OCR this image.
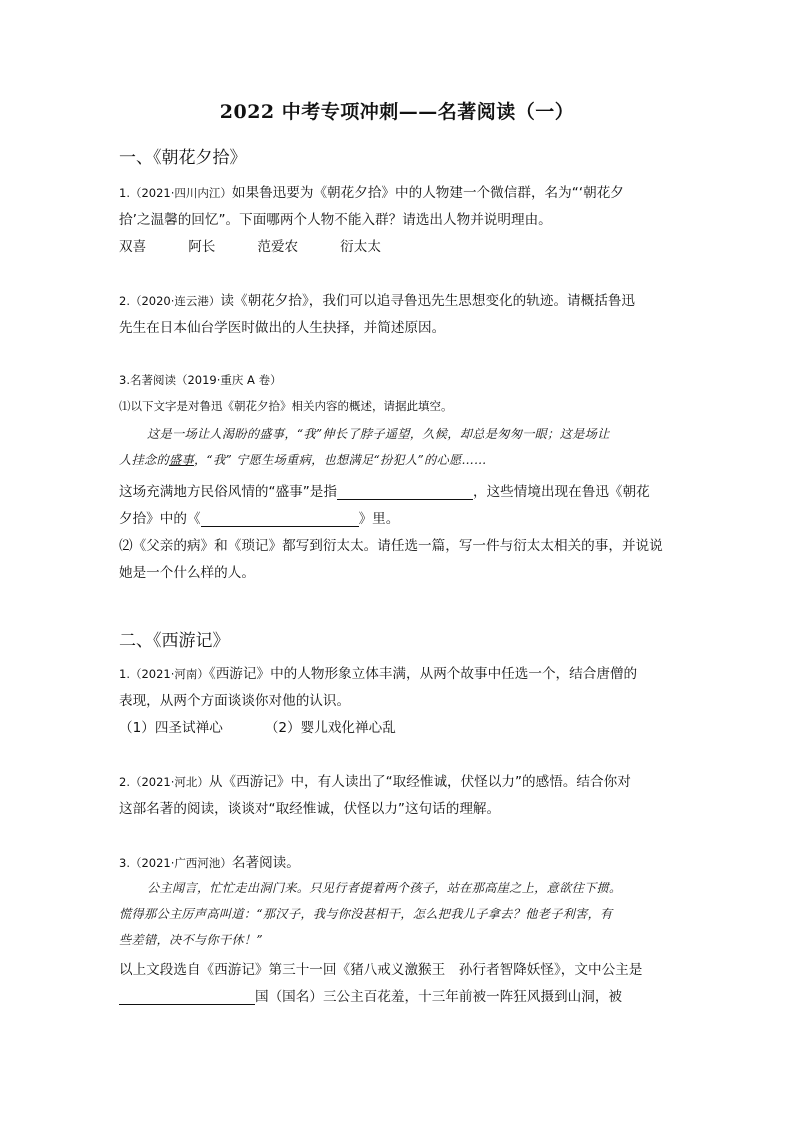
2022 中考专项冲刺——名著阅读（一）
一、《朝花夕拾》
1.（2021·四川内江）如果鲁迅要为《朝花夕拾》中的人物建一个微信群，名为“‘朝花夕
拾’之温馨的回忆”。下面哪两个人物不能入群？请选出人物并说明理由。
双喜	阿长	范爱农	衍太太
2.（2020·连云港）读《朝花夕拾》，我们可以追寻鲁迅先生思想变化的轨迹。请概括鲁迅
先生在日本仙台学医时做出的人生抉择，并简述原因。
3.名著阅读（2019·重庆 A 卷）
⑴以下文字是对鲁迅《朝花夕拾》相关内容的概述，请据此填空。
这是一场让人渴盼的盛事，“我”伸长了脖子遥望，久候，却总是匆匆一眼；这是场让
人挂念的盛事，“我” 宁愿生场重病，也想满足“扮犯人”的心愿……
这场充满地方民俗风情的“盛事”是指	，这些情境出现在鲁迅《朝花
夕拾》中的《	》里。
⑵《父亲的病》和《琐记》都写到衍太太。请任选一篇，写一件与衍太太相关的事，并说说
她是一个什么样的人。
二、《西游记》
1.（2021·河南）《西游记》中的人物形象立体丰满，从两个故事中任选一个，结合唐僧的
表现，从两个方面谈谈你对他的认识。
（1）四圣试禅心	（2）婴儿戏化禅心乱
2.（2021·河北）从《西游记》中，有人读出了“取经惟诚，伏怪以力”的感悟。结合你对
这部名著的阅读，谈谈对“取经惟诚，伏怪以力”这句话的理解。
3.（2021·广西河池）名著阅读。
公主闻言，忙忙走出洞门来。只见行者提着两个孩子，站在那高崖之上，意欲往下掼。
慌得那公主厉声高叫道：“那汉子，我与你没甚相干，怎么把我儿子拿去？他老子利害，有
些差错，决不与你干休！”
以上文段选自《西游记》第三十一回《猪八戒义激猴王　孙行者智降妖怪》，文中公主是
国（国名）三公主百花羞，十三年前被一阵狂风摄到山洞，被
